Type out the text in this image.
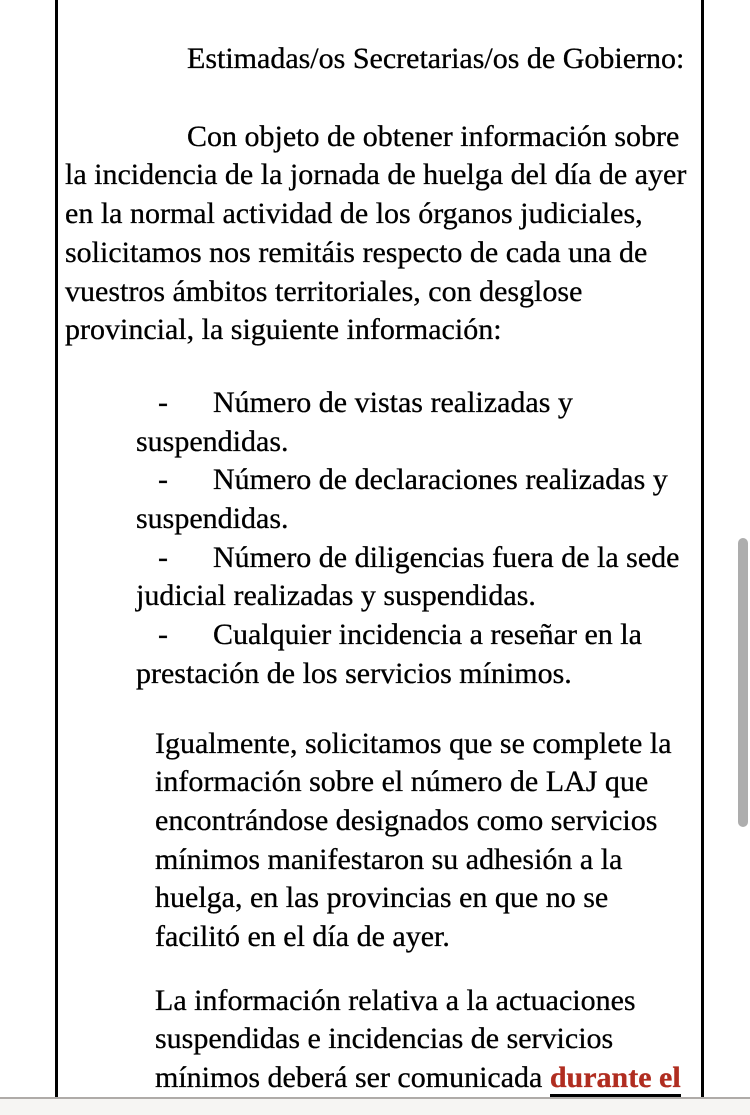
Estimadas/os Secretarias/os de Gobierno:
Con objeto de obtener información sobre
la incidencia de la jornada de huelga del día de ayer
en la normal actividad de los órganos judiciales,
solicitamos nos remitáis respecto de cada una de
vuestros ámbitos territoriales, con desglose
provincial, la siguiente información:
- Número de vistas realizadas y
suspendidas.
- Número de declaraciones realizadas y
suspendidas.
- Número de diligencias fuera de la sede
judicial realizadas y suspendidas.
- Cualquier incidencia a reseñar en la
prestación de los servicios mínimos.
Igualmente, solicitamos que se complete la
información sobre el número de LAJ que
encontrándose designados como servicios
mínimos manifestaron su adhesión a la
huelga, en las provincias en que no se
facilitó en el día de ayer.
La información relativa a la actuaciones
suspendidas e incidencias de servicios
mínimos deberá ser comunicada durante el
